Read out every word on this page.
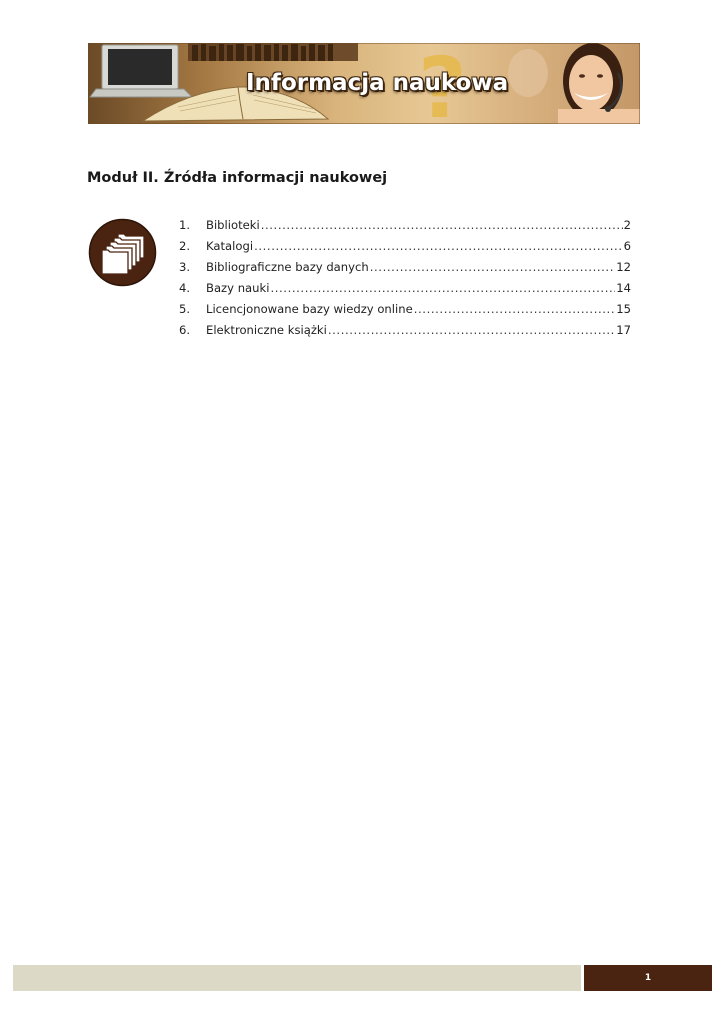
?
Informacja naukowa
Moduł II. Źródła informacji naukowej
1.	Biblioteki .....	2
2.	Katalogi .....	6
3.	Bibliograficzne bazy danych .....	12
4.	Bazy nauki .....	14
5.	Licencjonowane bazy wiedzy online .....	15
6.	Elektroniczne książki .....	17
1
